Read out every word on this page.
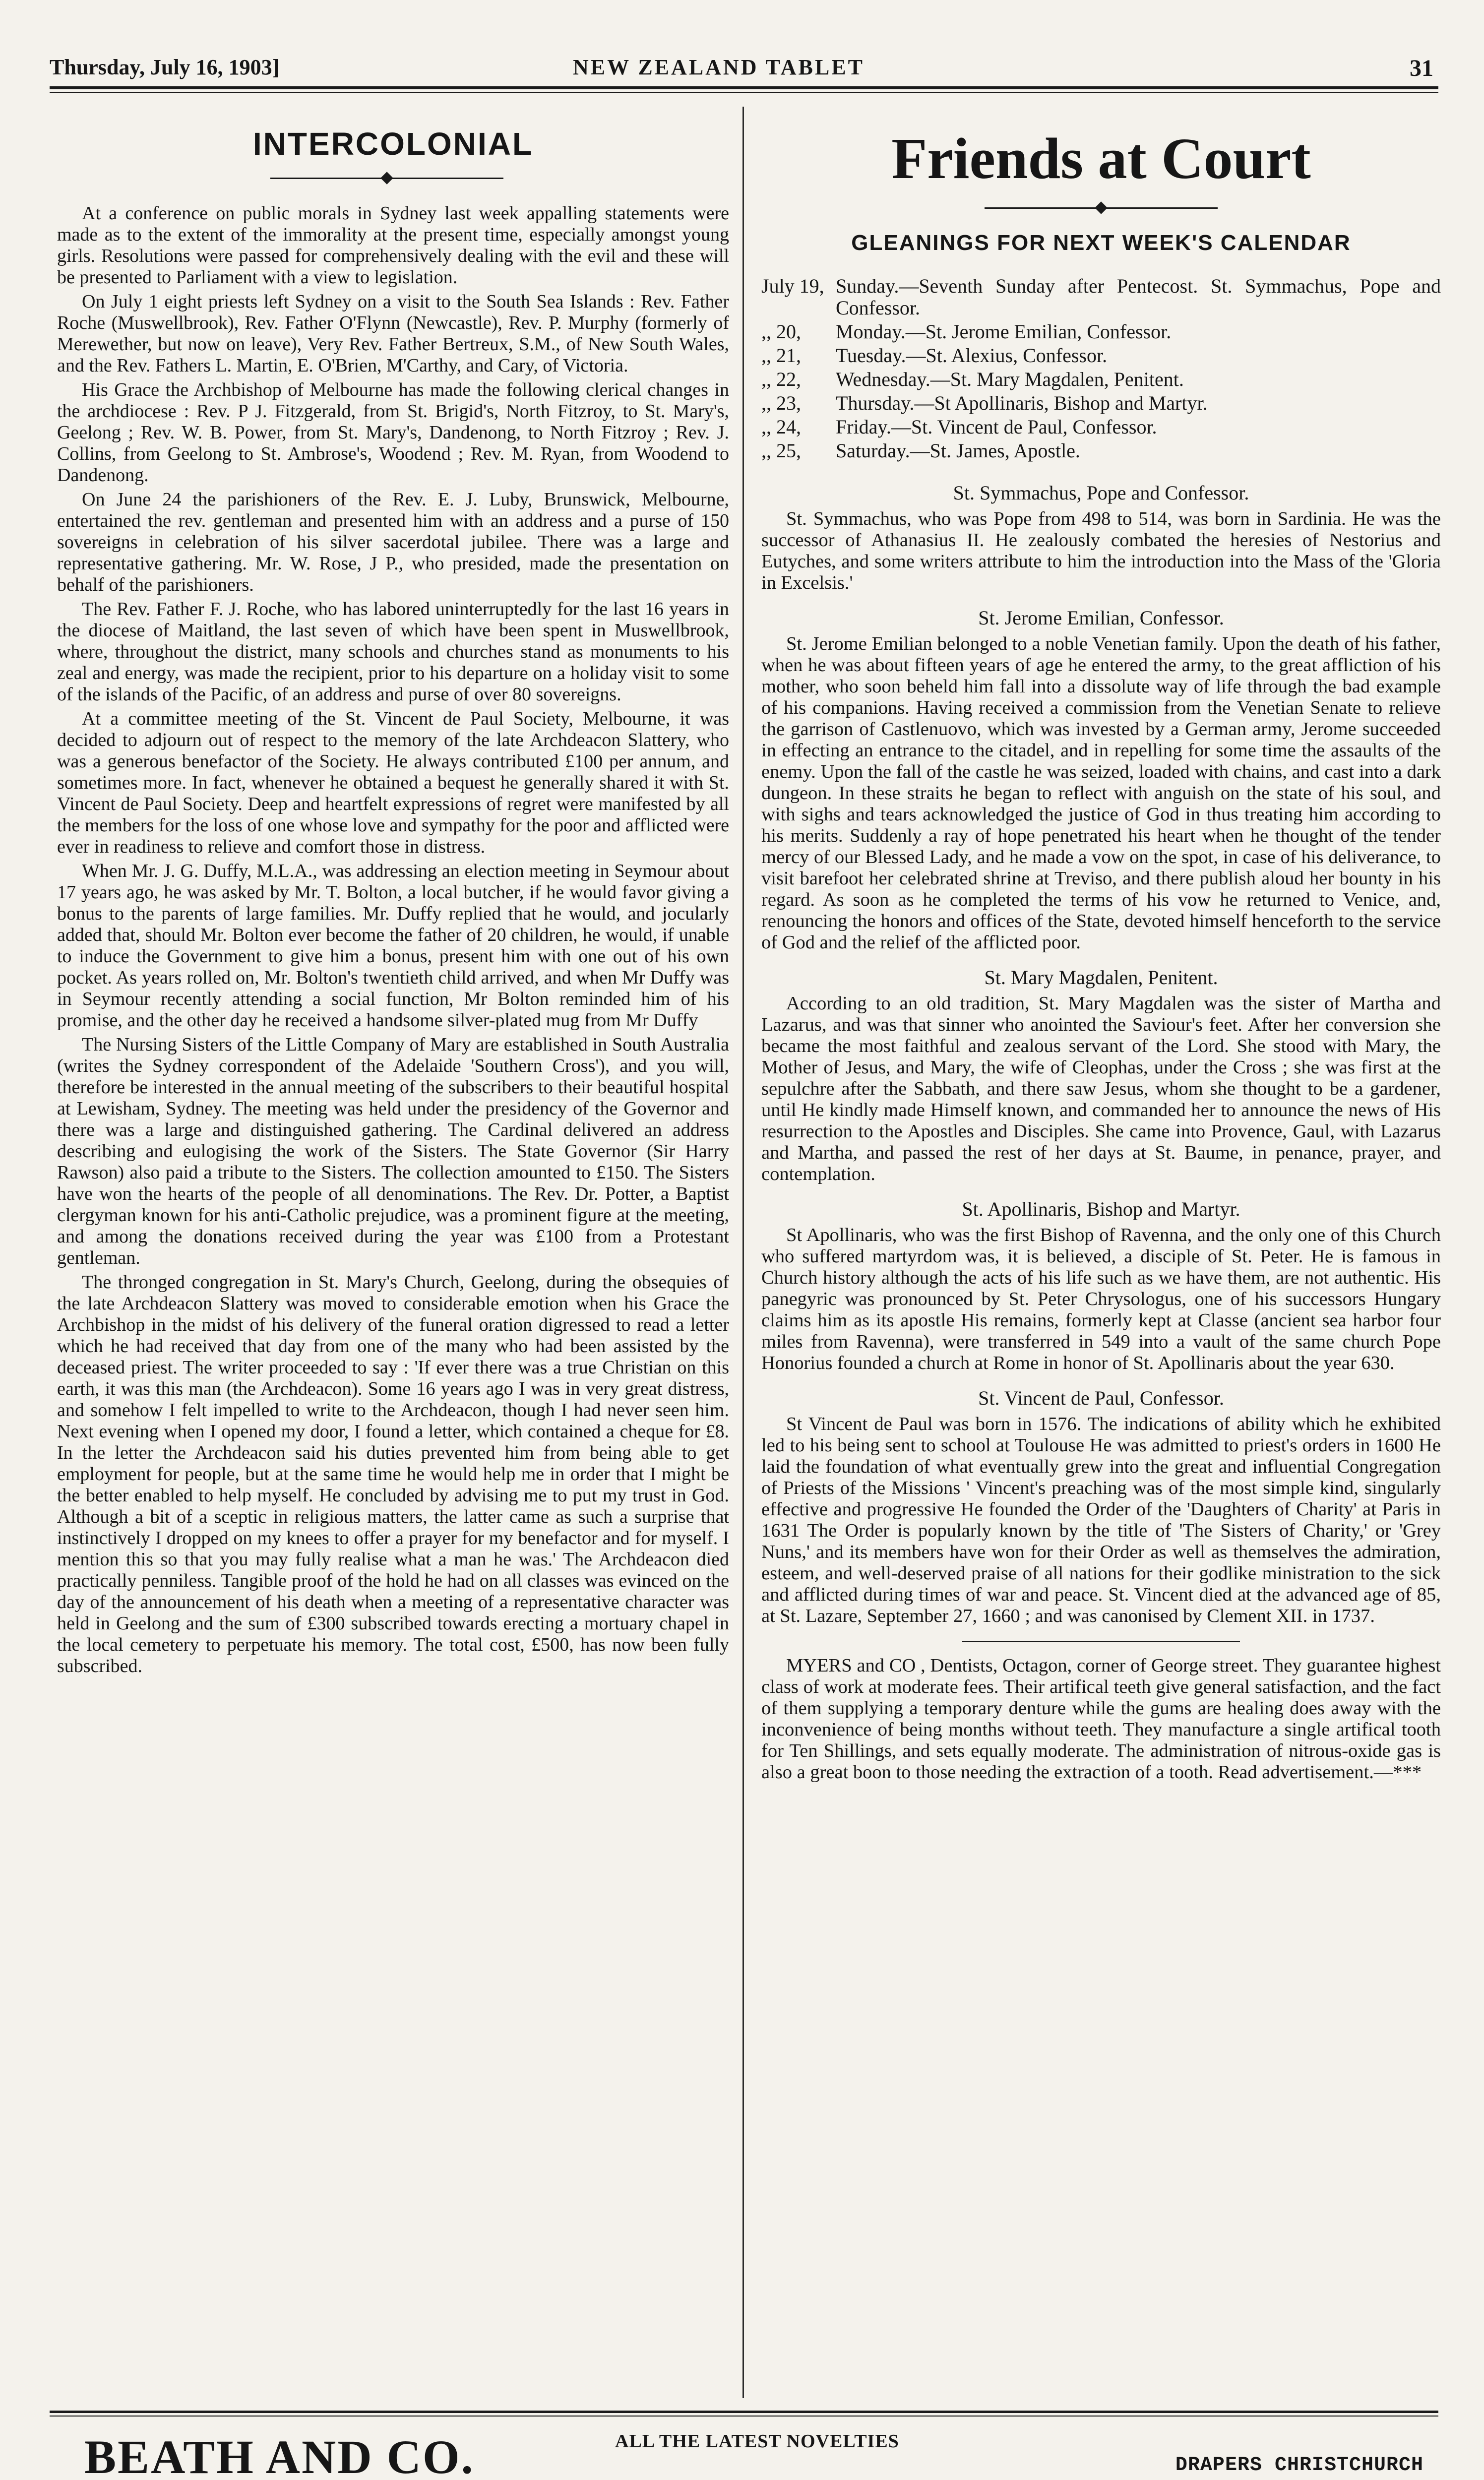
Thursday, July 16, 1903]	NEW ZEALAND TABLET	31
INTERCOLONIAL

At a conference on public morals in Sydney last week appalling statements were made as to the extent of the immorality at the present time, especially amongst young girls. Resolutions were passed for comprehensively dealing with the evil and these will be presented to Parliament with a view to legislation.

On July 1 eight priests left Sydney on a visit to the South Sea Islands : Rev. Father Roche (Muswellbrook), Rev. Father O'Flynn (Newcastle), Rev. P. Murphy (formerly of Merewether, but now on leave), Very Rev. Father Bertreux, S.M., of New South Wales, and the Rev. Fathers L. Martin, E. O'Brien, M'Carthy, and Cary, of Victoria.

His Grace the Archbishop of Melbourne has made the following clerical changes in the archdiocese : Rev. P J. Fitzgerald, from St. Brigid's, North Fitzroy, to St. Mary's, Geelong ; Rev. W. B. Power, from St. Mary's, Dandenong, to North Fitzroy ; Rev. J. Collins, from Geelong to St. Ambrose's, Woodend ; Rev. M. Ryan, from Woodend to Dandenong.

On June 24 the parishioners of the Rev. E. J. Luby, Brunswick, Melbourne, entertained the rev. gentleman and presented him with an address and a purse of 150 sovereigns in celebration of his silver sacerdotal jubilee. There was a large and representative gathering. Mr. W. Rose, J P., who presided, made the presentation on behalf of the parishioners.

The Rev. Father F. J. Roche, who has labored uninterruptedly for the last 16 years in the diocese of Maitland, the last seven of which have been spent in Muswellbrook, where, throughout the district, many schools and churches stand as monuments to his zeal and energy, was made the recipient, prior to his departure on a holiday visit to some of the islands of the Pacific, of an address and purse of over 80 sovereigns.

At a committee meeting of the St. Vincent de Paul Society, Melbourne, it was decided to adjourn out of respect to the memory of the late Archdeacon Slattery, who was a generous benefactor of the Society. He always contributed £100 per annum, and sometimes more. In fact, whenever he obtained a bequest he generally shared it with St. Vincent de Paul Society. Deep and heartfelt expressions of regret were manifested by all the members for the loss of one whose love and sympathy for the poor and afflicted were ever in readiness to relieve and comfort those in distress.

When Mr. J. G. Duffy, M.L.A., was addressing an election meeting in Seymour about 17 years ago, he was asked by Mr. T. Bolton, a local butcher, if he would favor giving a bonus to the parents of large families. Mr. Duffy replied that he would, and jocularly added that, should Mr. Bolton ever become the father of 20 children, he would, if unable to induce the Government to give him a bonus, present him with one out of his own pocket. As years rolled on, Mr. Bolton's twentieth child arrived, and when Mr Duffy was in Seymour recently attending a social function, Mr Bolton reminded him of his promise, and the other day he received a handsome silver-plated mug from Mr Duffy

The Nursing Sisters of the Little Company of Mary are established in South Australia (writes the Sydney correspondent of the Adelaide 'Southern Cross'), and you will, therefore be interested in the annual meeting of the subscribers to their beautiful hospital at Lewisham, Sydney. The meeting was held under the presidency of the Governor and there was a large and distinguished gathering. The Cardinal delivered an address describing and eulogising the work of the Sisters. The State Governor (Sir Harry Rawson) also paid a tribute to the Sisters. The collection amounted to £150. The Sisters have won the hearts of the people of all denominations. The Rev. Dr. Potter, a Baptist clergyman known for his anti-Catholic prejudice, was a prominent figure at the meeting, and among the donations received during the year was £100 from a Protestant gentleman.

The thronged congregation in St. Mary's Church, Geelong, during the obsequies of the late Archdeacon Slattery was moved to considerable emotion when his Grace the Archbishop in the midst of his delivery of the funeral oration digressed to read a letter which he had received that day from one of the many who had been assisted by the deceased priest. The writer proceeded to say : 'If ever there was a true Christian on this earth, it was this man (the Archdeacon). Some 16 years ago I was in very great distress, and somehow I felt impelled to write to the Archdeacon, though I had never seen him. Next evening when I opened my door, I found a letter, which contained a cheque for £8. In the letter the Archdeacon said his duties prevented him from being able to get employment for people, but at the same time he would help me in order that I might be the better enabled to help myself. He concluded by advising me to put my trust in God. Although a bit of a sceptic in religious matters, the latter came as such a surprise that instinctively I dropped on my knees to offer a prayer for my benefactor and for myself. I mention this so that you may fully realise what a man he was.' The Archdeacon died practically penniless. Tangible proof of the hold he had on all classes was evinced on the day of the announcement of his death when a meeting of a representative character was held in Geelong and the sum of £300 subscribed towards erecting a mortuary chapel in the local cemetery to perpetuate his memory. The total cost, £500, has now been fully subscribed.

Friends at Court
GLEANINGS FOR NEXT WEEK'S CALENDAR
July 19, Sunday.—Seventh Sunday after Pentecost. St. Symmachus, Pope and Confessor.
,, 20,	Monday.—St. Jerome Emilian, Confessor.
,, 21,	Tuesday.—St. Alexius, Confessor.
,, 22,	Wednesday.—St. Mary Magdalen, Penitent.
,, 23,	Thursday.—St Apollinaris, Bishop and Martyr.
,, 24,	Friday.—St. Vincent de Paul, Confessor.
,, 25,	Saturday.—St. James, Apostle.
St. Symmachus, Pope and Confessor.

St. Symmachus, who was Pope from 498 to 514, was born in Sardinia. He was the successor of Athanasius II. He zealously combated the heresies of Nestorius and Eutyches, and some writers attribute to him the introduction into the Mass of the 'Gloria in Excelsis.'

St. Jerome Emilian, Confessor.

St. Jerome Emilian belonged to a noble Venetian family. Upon the death of his father, when he was about fifteen years of age he entered the army, to the great affliction of his mother, who soon beheld him fall into a dissolute way of life through the bad example of his companions. Having received a commission from the Venetian Senate to relieve the garrison of Castlenuovo, which was invested by a German army, Jerome succeeded in effecting an entrance to the citadel, and in repelling for some time the assaults of the enemy. Upon the fall of the castle he was seized, loaded with chains, and cast into a dark dungeon. In these straits he began to reflect with anguish on the state of his soul, and with sighs and tears acknowledged the justice of God in thus treating him according to his merits. Suddenly a ray of hope penetrated his heart when he thought of the tender mercy of our Blessed Lady, and he made a vow on the spot, in case of his deliverance, to visit barefoot her celebrated shrine at Treviso, and there publish aloud her bounty in his regard. As soon as he completed the terms of his vow he returned to Venice, and, renouncing the honors and offices of the State, devoted himself henceforth to the service of God and the relief of the afflicted poor.

St. Mary Magdalen, Penitent.

According to an old tradition, St. Mary Magdalen was the sister of Martha and Lazarus, and was that sinner who anointed the Saviour's feet. After her conversion she became the most faithful and zealous servant of the Lord. She stood with Mary, the Mother of Jesus, and Mary, the wife of Cleophas, under the Cross ; she was first at the sepulchre after the Sabbath, and there saw Jesus, whom she thought to be a gardener, until He kindly made Himself known, and commanded her to announce the news of His resurrection to the Apostles and Disciples. She came into Provence, Gaul, with Lazarus and Martha, and passed the rest of her days at St. Baume, in penance, prayer, and contemplation.

St. Apollinaris, Bishop and Martyr.

St Apollinaris, who was the first Bishop of Ravenna, and the only one of this Church who suffered martyrdom was, it is believed, a disciple of St. Peter. He is famous in Church history although the acts of his life such as we have them, are not authentic. His panegyric was pronounced by St. Peter Chrysologus, one of his successors Hungary claims him as its apostle His remains, formerly kept at Classe (ancient sea harbor four miles from Ravenna), were transferred in 549 into a vault of the same church Pope Honorius founded a church at Rome in honor of St. Apollinaris about the year 630.

St. Vincent de Paul, Confessor.

St Vincent de Paul was born in 1576. The indications of ability which he exhibited led to his being sent to school at Toulouse He was admitted to priest's orders in 1600 He laid the foundation of what eventually grew into the great and influential Congregation of Priests of the Missions ' Vincent's preaching was of the most simple kind, singularly effective and progressive He founded the Order of the 'Daughters of Charity' at Paris in 1631 The Order is popularly known by the title of 'The Sisters of Charity,' or 'Grey Nuns,' and its members have won for their Order as well as themselves the admiration, esteem, and well-deserved praise of all nations for their godlike ministration to the sick and afflicted during times of war and peace. St. Vincent died at the advanced age of 85, at St. Lazare, September 27, 1660 ; and was canonised by Clement XII. in 1737.

MYERS and CO , Dentists, Octagon, corner of George street. They guarantee highest class of work at moderate fees. Their artifical teeth give general satisfaction, and the fact of them supplying a temporary denture while the gums are healing does away with the inconvenience of being months without teeth. They manufacture a single artifical tooth for Ten Shillings, and sets equally moderate. The administration of nitrous-oxide gas is also a great boon to those needing the extraction of a tooth. Read advertisement.—***

BEATH AND CO.	ALL THE LATEST NOVELTIES
DRAPERS CHRISTCHURCH
